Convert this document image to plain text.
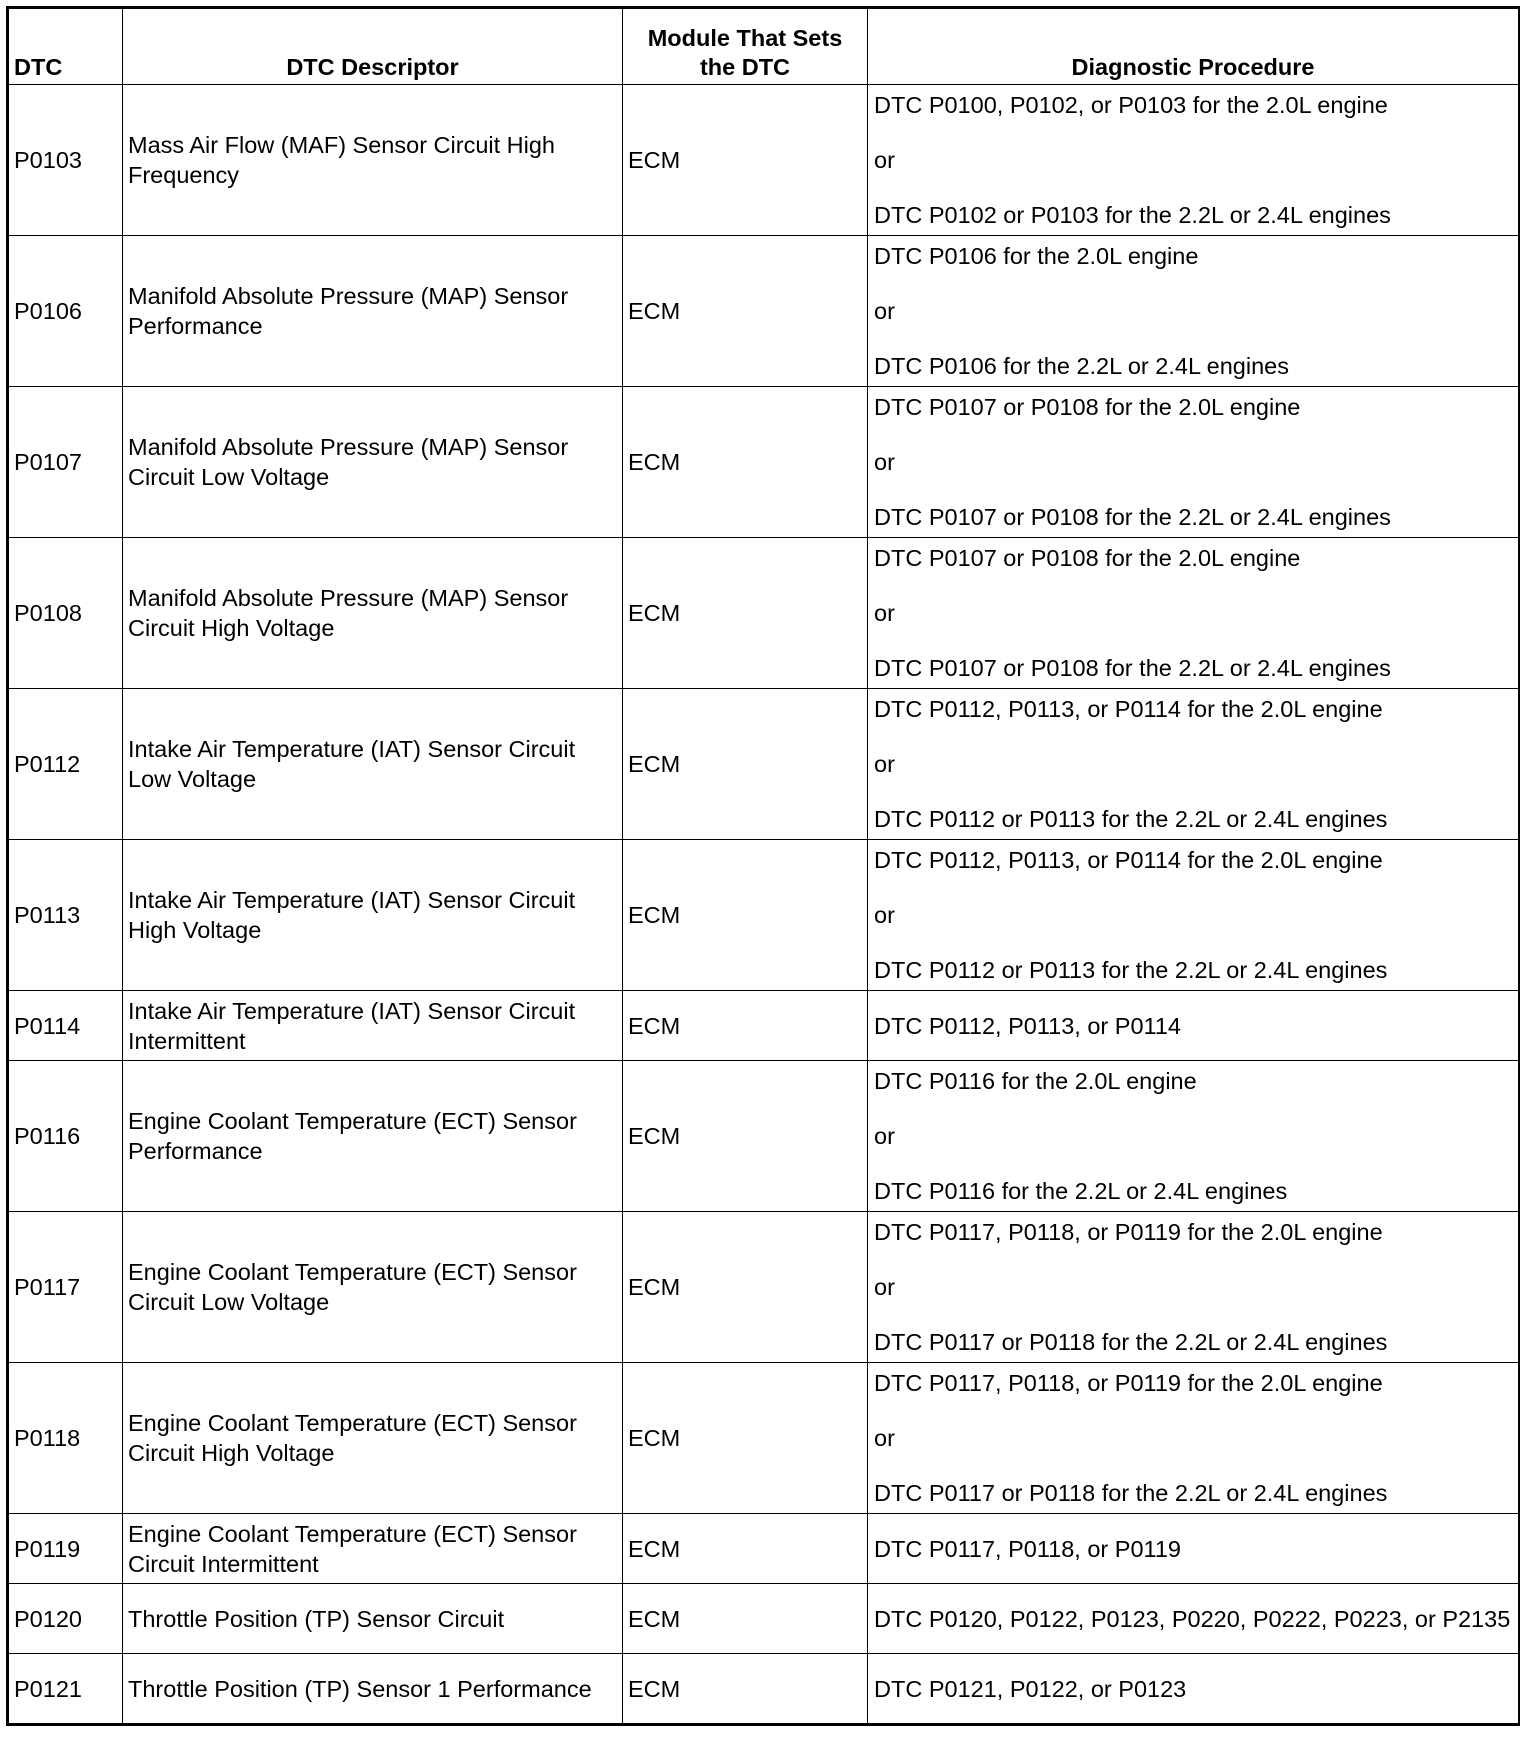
DTC	DTC Descriptor	Module That Sets the DTC	Diagnostic Procedure
P0103	Mass Air Flow (MAF) Sensor Circuit High Frequency	ECM	DTC P0100, P0102, or P0103 for the 2.0L engine
or
DTC P0102 or P0103 for the 2.2L or 2.4L engines

P0106	Manifold Absolute Pressure (MAP) Sensor Performance	ECM	DTC P0106 for the 2.0L engine
or
DTC P0106 for the 2.2L or 2.4L engines

P0107	Manifold Absolute Pressure (MAP) Sensor Circuit Low Voltage	ECM	DTC P0107 or P0108 for the 2.0L engine
or
DTC P0107 or P0108 for the 2.2L or 2.4L engines

P0108	Manifold Absolute Pressure (MAP) Sensor Circuit High Voltage	ECM	DTC P0107 or P0108 for the 2.0L engine
or
DTC P0107 or P0108 for the 2.2L or 2.4L engines

P0112	Intake Air Temperature (IAT) Sensor Circuit Low Voltage	ECM	DTC P0112, P0113, or P0114 for the 2.0L engine
or
DTC P0112 or P0113 for the 2.2L or 2.4L engines

P0113	Intake Air Temperature (IAT) Sensor Circuit High Voltage	ECM	DTC P0112, P0113, or P0114 for the 2.0L engine
or
DTC P0112 or P0113 for the 2.2L or 2.4L engines

P0114	Intake Air Temperature (IAT) Sensor Circuit Intermittent	ECM	DTC P0112, P0113, or P0114

P0116	Engine Coolant Temperature (ECT) Sensor Performance	ECM	DTC P0116 for the 2.0L engine
or
DTC P0116 for the 2.2L or 2.4L engines

P0117	Engine Coolant Temperature (ECT) Sensor Circuit Low Voltage	ECM	DTC P0117, P0118, or P0119 for the 2.0L engine
or
DTC P0117 or P0118 for the 2.2L or 2.4L engines

P0118	Engine Coolant Temperature (ECT) Sensor Circuit High Voltage	ECM	DTC P0117, P0118, or P0119 for the 2.0L engine
or
DTC P0117 or P0118 for the 2.2L or 2.4L engines

P0119	Engine Coolant Temperature (ECT) Sensor Circuit Intermittent	ECM	DTC P0117, P0118, or P0119

P0120	Throttle Position (TP) Sensor Circuit	ECM	DTC P0120, P0122, P0123, P0220, P0222, P0223, or P2135

P0121	Throttle Position (TP) Sensor 1 Performance	ECM	DTC P0121, P0122, or P0123
